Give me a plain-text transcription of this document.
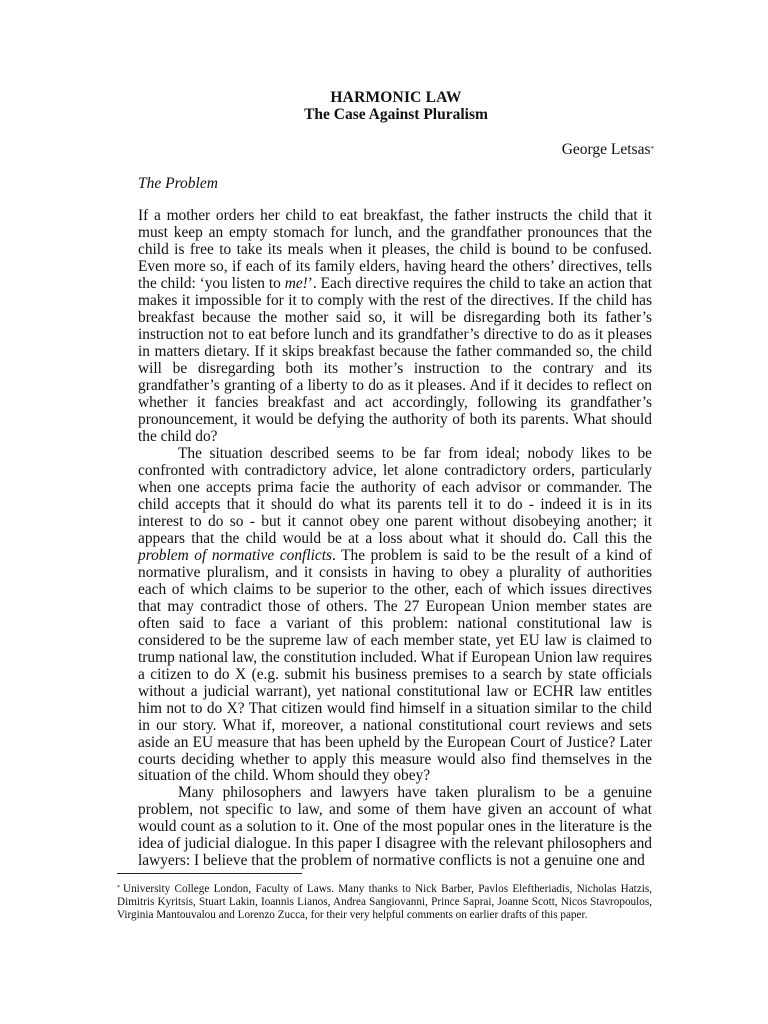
HARMONIC LAW
The Case Against Pluralism

George Letsas*

The Problem

If a mother orders her child to eat breakfast, the father instructs the child that it must keep an empty stomach for lunch, and the grandfather pronounces that the child is free to take its meals when it pleases, the child is bound to be confused. Even more so, if each of its family elders, having heard the others’ directives, tells the child: ‘you listen to me!’. Each directive requires the child to take an action that makes it impossible for it to comply with the rest of the directives. If the child has breakfast because the mother said so, it will be disregarding both its father’s instruction not to eat before lunch and its grandfather’s directive to do as it pleases in matters dietary. If it skips breakfast because the father commanded so, the child will be disregarding both its mother’s instruction to the contrary and its grandfather’s granting of a liberty to do as it pleases. And if it decides to reflect on whether it fancies breakfast and act accordingly, following its grandfather’s pronouncement, it would be defying the authority of both its parents. What should the child do?

The situation described seems to be far from ideal; nobody likes to be confronted with contradictory advice, let alone contradictory orders, particularly when one accepts prima facie the authority of each advisor or commander. The child accepts that it should do what its parents tell it to do - indeed it is in its interest to do so - but it cannot obey one parent without disobeying another; it appears that the child would be at a loss about what it should do. Call this the problem of normative conflicts. The problem is said to be the result of a kind of normative pluralism, and it consists in having to obey a plurality of authorities each of which claims to be superior to the other, each of which issues directives that may contradict those of others. The 27 European Union member states are often said to face a variant of this problem: national constitutional law is considered to be the supreme law of each member state, yet EU law is claimed to trump national law, the constitution included. What if European Union law requires a citizen to do X (e.g. submit his business premises to a search by state officials without a judicial warrant), yet national constitutional law or ECHR law entitles him not to do X? That citizen would find himself in a situation similar to the child in our story. What if, moreover, a national constitutional court reviews and sets aside an EU measure that has been upheld by the European Court of Justice? Later courts deciding whether to apply this measure would also find themselves in the situation of the child. Whom should they obey?

Many philosophers and lawyers have taken pluralism to be a genuine problem, not specific to law, and some of them have given an account of what would count as a solution to it. One of the most popular ones in the literature is the idea of judicial dialogue. In this paper I disagree with the relevant philosophers and lawyers: I believe that the problem of normative conflicts is not a genuine one and

* University College London, Faculty of Laws. Many thanks to Nick Barber, Pavlos Eleftheriadis, Nicholas Hatzis, Dimitris Kyritsis, Stuart Lakin, Ioannis Lianos, Andrea Sangiovanni, Prince Saprai, Joanne Scott, Nicos Stavropoulos, Virginia Mantouvalou and Lorenzo Zucca, for their very helpful comments on earlier drafts of this paper.
